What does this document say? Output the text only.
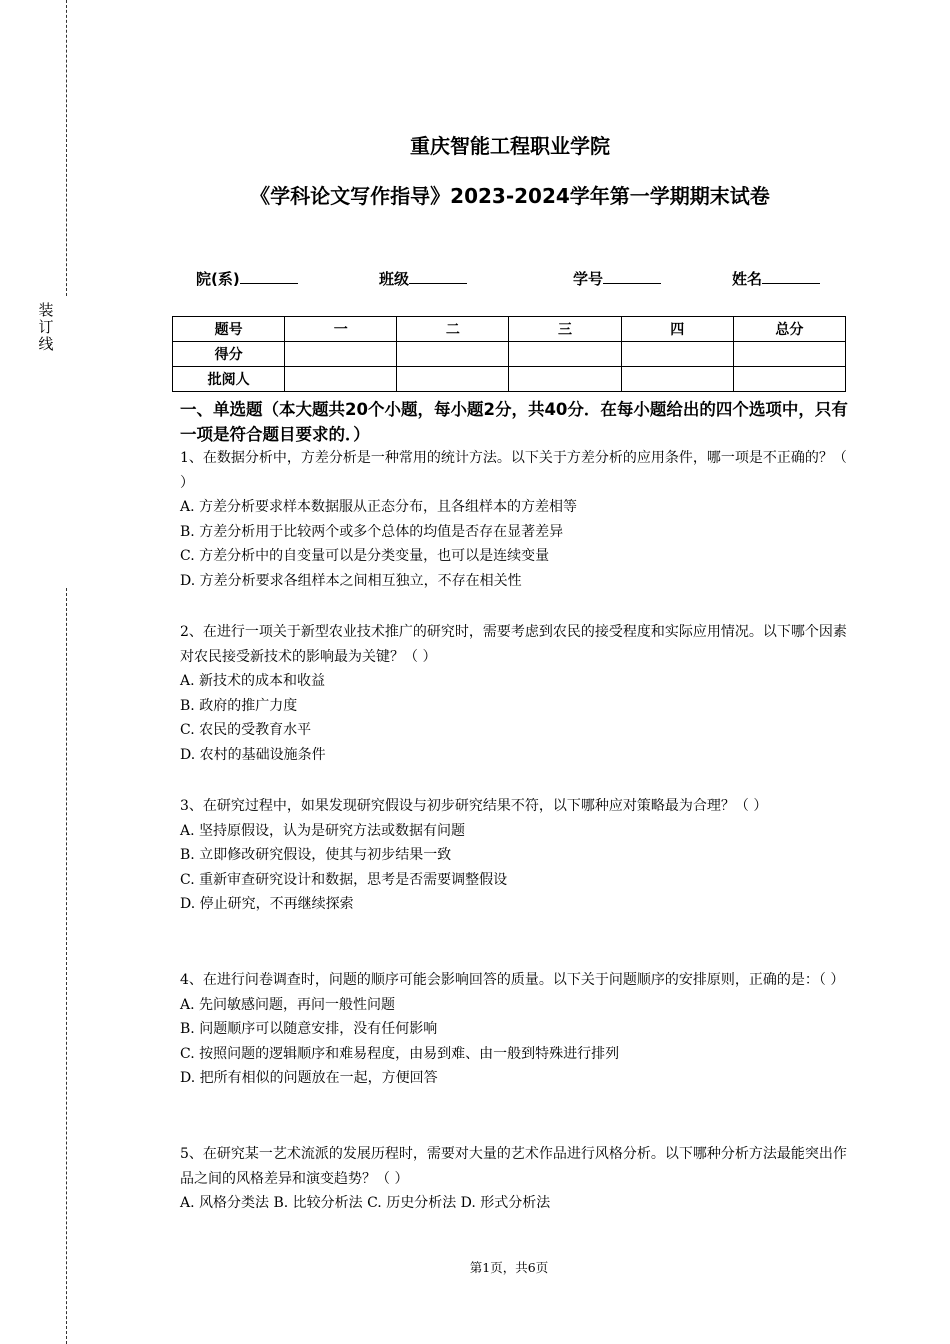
装
订
线
重庆智能工程职业学院
《学科论文写作指导》2023-2024学年第一学期期末试卷
院(系)	班级	学号	姓名
题号	一	二	三	四	总分
得分					
批阅人					
一、单选题（本大题共20个小题，每小题2分，共40分．在每小题给出的四个选项中，只有一项是符合题目要求的．）

1、在数据分析中，方差分析是一种常用的统计方法。以下关于方差分析的应用条件，哪一项是不正确的？（ ）

A. 方差分析要求样本数据服从正态分布，且各组样本的方差相等

B. 方差分析用于比较两个或多个总体的均值是否存在显著差异

C. 方差分析中的自变量可以是分类变量，也可以是连续变量

D. 方差分析要求各组样本之间相互独立，不存在相关性

2、在进行一项关于新型农业技术推广的研究时，需要考虑到农民的接受程度和实际应用情况。以下哪个因素对农民接受新技术的影响最为关键？（ ）

A. 新技术的成本和收益

B. 政府的推广力度

C. 农民的受教育水平

D. 农村的基础设施条件

3、在研究过程中，如果发现研究假设与初步研究结果不符，以下哪种应对策略最为合理？（ ）

A. 坚持原假设，认为是研究方法或数据有问题

B. 立即修改研究假设，使其与初步结果一致

C. 重新审查研究设计和数据，思考是否需要调整假设

D. 停止研究，不再继续探索

4、在进行问卷调查时，问题的顺序可能会影响回答的质量。以下关于问题顺序的安排原则，正确的是：（ ）

A. 先问敏感问题，再问一般性问题

B. 问题顺序可以随意安排，没有任何影响

C. 按照问题的逻辑顺序和难易程度，由易到难、由一般到特殊进行排列

D. 把所有相似的问题放在一起，方便回答

5、在研究某一艺术流派的发展历程时，需要对大量的艺术作品进行风格分析。以下哪种分析方法最能突出作品之间的风格差异和演变趋势？（ ）

A. 风格分类法 B. 比较分析法 C. 历史分析法 D. 形式分析法

第1页，共6页
